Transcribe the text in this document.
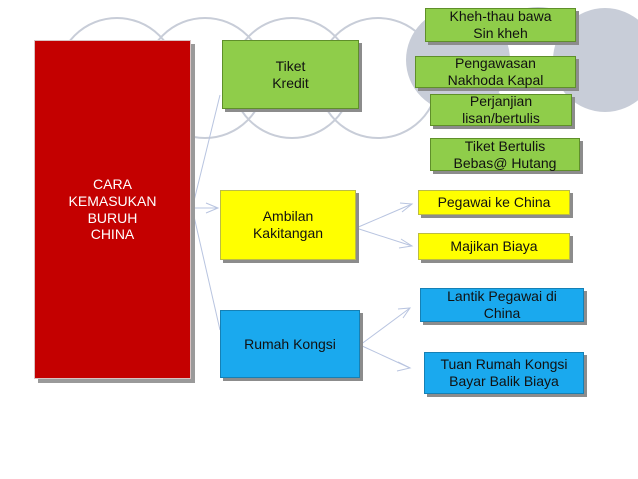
CARA
KEMASUKAN
BURUH
CHINA
Tiket
Kredit
Ambilan
Kakitangan
Rumah Kongsi
Kheh-thau bawa
Sin kheh
Pengawasan
Nakhoda Kapal
Perjanjian
lisan/bertulis
Tiket Bertulis
Bebas@ Hutang
Pegawai ke China
Majikan Biaya
Lantik Pegawai di
China
Tuan Rumah Kongsi
Bayar Balik Biaya
